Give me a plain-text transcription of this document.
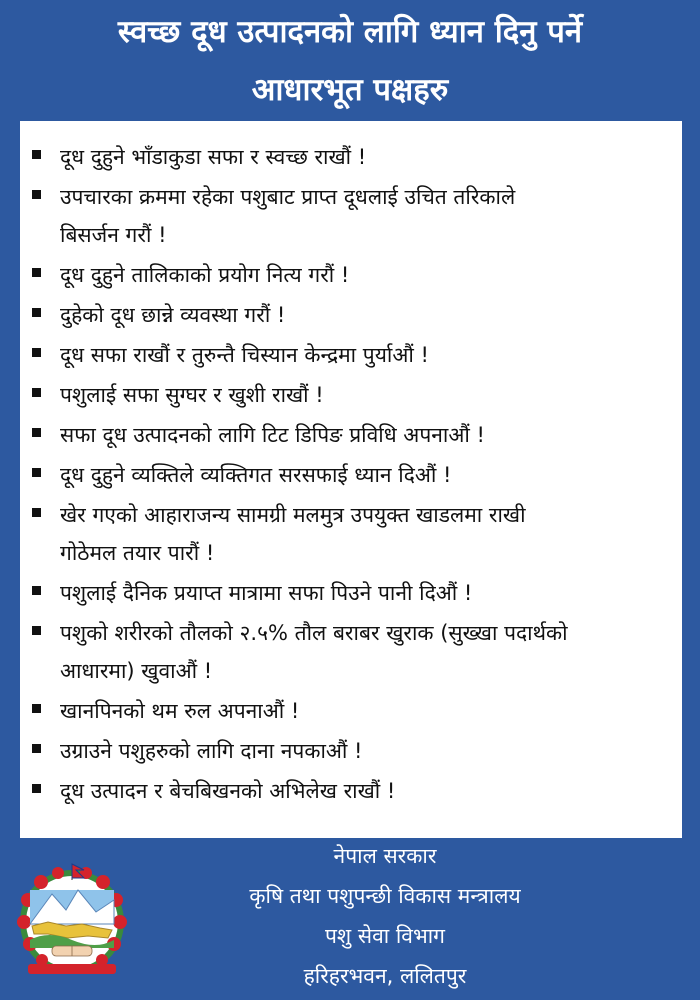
स्वच्छ दूध उत्पादनको लागि ध्यान दिनु पर्ने
आधारभूत पक्षहरु
दूध दुहुने भाँडाकुडा सफा र स्वच्छ राखौं !
उपचारका क्रममा रहेका पशुबाट प्राप्त दूधलाई उचित तरिकाले
बिसर्जन गरौं !
दूध दुहुने तालिकाको प्रयोग नित्य गरौं !
दुहेको दूध छान्ने व्यवस्था गरौं !
दूध सफा राखौं र तुरुन्तै चिस्यान केन्द्रमा पुर्याऔं !
पशुलाई सफा सुग्घर र खुशी राखौं !
सफा दूध उत्पादनको लागि टिट डिपिङ प्रविधि अपनाऔं !
दूध दुहुने व्यक्तिले व्यक्तिगत सरसफाई ध्यान दिऔं !
खेर गएको आहाराजन्य सामग्री मलमुत्र उपयुक्त खाडलमा राखी
गोठेमल तयार पारौं !
पशुलाई दैनिक प्रयाप्त मात्रामा सफा पिउने पानी दिऔं !
पशुको शरीरको तौलको २.५% तौल बराबर खुराक (सुख्खा पदार्थको
आधारमा) खुवाऔं !
खानपिनको थम रुल अपनाऔं !
उग्राउने पशुहरुको लागि दाना नपकाऔं !
दूध उत्पादन र बेचबिखनको अभिलेख राखौं !
नेपाल सरकार
कृषि तथा पशुपन्छी विकास मन्त्रालय
पशु सेवा विभाग
हरिहरभवन, ललितपुर
